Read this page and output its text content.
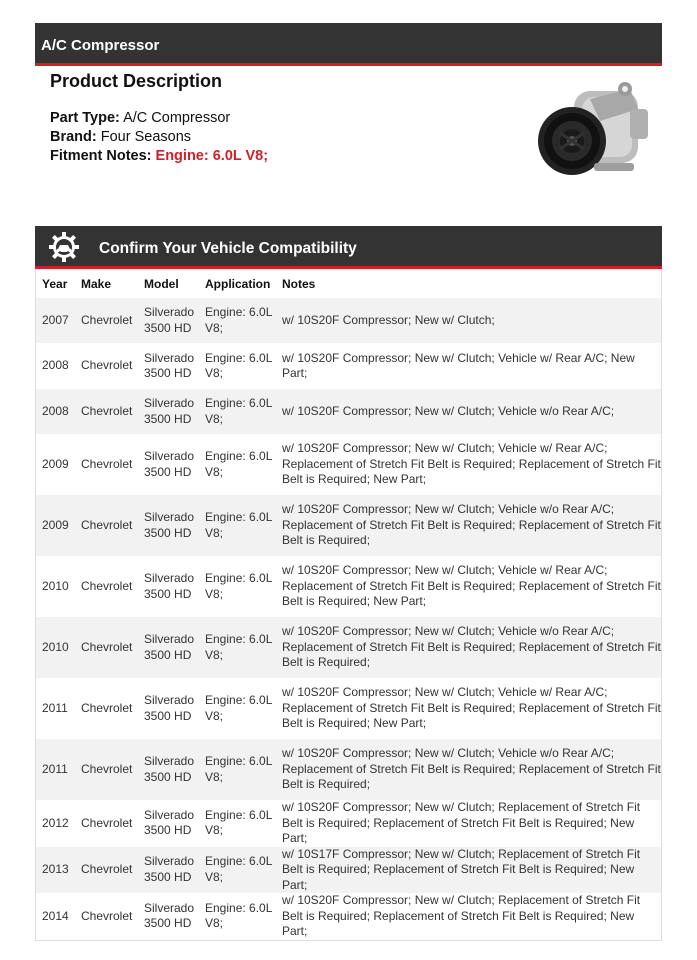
A/C Compressor
Product Description
Part Type: A/C Compressor
Brand: Four Seasons
Fitment Notes: Engine: 6.0L V8;
Confirm Your Vehicle Compatibility
Year	Make	Model	Application	Notes
2007	Chevrolet	Silverado 3500 HD	Engine: 6.0L V8;	w/ 10S20F Compressor; New w/ Clutch;
2008	Chevrolet	Silverado 3500 HD	Engine: 6.0L V8;	w/ 10S20F Compressor; New w/ Clutch; Vehicle w/ Rear A/C; New Part;
2008	Chevrolet	Silverado 3500 HD	Engine: 6.0L V8;	w/ 10S20F Compressor; New w/ Clutch; Vehicle w/o Rear A/C;
2009	Chevrolet	Silverado 3500 HD	Engine: 6.0L V8;	w/ 10S20F Compressor; New w/ Clutch; Vehicle w/ Rear A/C; Replacement of Stretch Fit Belt is Required; Replacement of Stretch Fit Belt is Required; New Part;
2009	Chevrolet	Silverado 3500 HD	Engine: 6.0L V8;	w/ 10S20F Compressor; New w/ Clutch; Vehicle w/o Rear A/C; Replacement of Stretch Fit Belt is Required; Replacement of Stretch Fit Belt is Required;
2010	Chevrolet	Silverado 3500 HD	Engine: 6.0L V8;	w/ 10S20F Compressor; New w/ Clutch; Vehicle w/ Rear A/C; Replacement of Stretch Fit Belt is Required; Replacement of Stretch Fit Belt is Required; New Part;
2010	Chevrolet	Silverado 3500 HD	Engine: 6.0L V8;	w/ 10S20F Compressor; New w/ Clutch; Vehicle w/o Rear A/C; Replacement of Stretch Fit Belt is Required; Replacement of Stretch Fit Belt is Required;
2011	Chevrolet	Silverado 3500 HD	Engine: 6.0L V8;	w/ 10S20F Compressor; New w/ Clutch; Vehicle w/ Rear A/C; Replacement of Stretch Fit Belt is Required; Replacement of Stretch Fit Belt is Required; New Part;
2011	Chevrolet	Silverado 3500 HD	Engine: 6.0L V8;	w/ 10S20F Compressor; New w/ Clutch; Vehicle w/o Rear A/C; Replacement of Stretch Fit Belt is Required; Replacement of Stretch Fit Belt is Required;
2012	Chevrolet	Silverado 3500 HD	Engine: 6.0L V8;	w/ 10S20F Compressor; New w/ Clutch; Replacement of Stretch Fit Belt is Required; Replacement of Stretch Fit Belt is Required; New Part;
2013	Chevrolet	Silverado 3500 HD	Engine: 6.0L V8;	w/ 10S17F Compressor; New w/ Clutch; Replacement of Stretch Fit Belt is Required; Replacement of Stretch Fit Belt is Required; New Part;
2014	Chevrolet	Silverado 3500 HD	Engine: 6.0L V8;	w/ 10S20F Compressor; New w/ Clutch; Replacement of Stretch Fit Belt is Required; Replacement of Stretch Fit Belt is Required; New Part;
